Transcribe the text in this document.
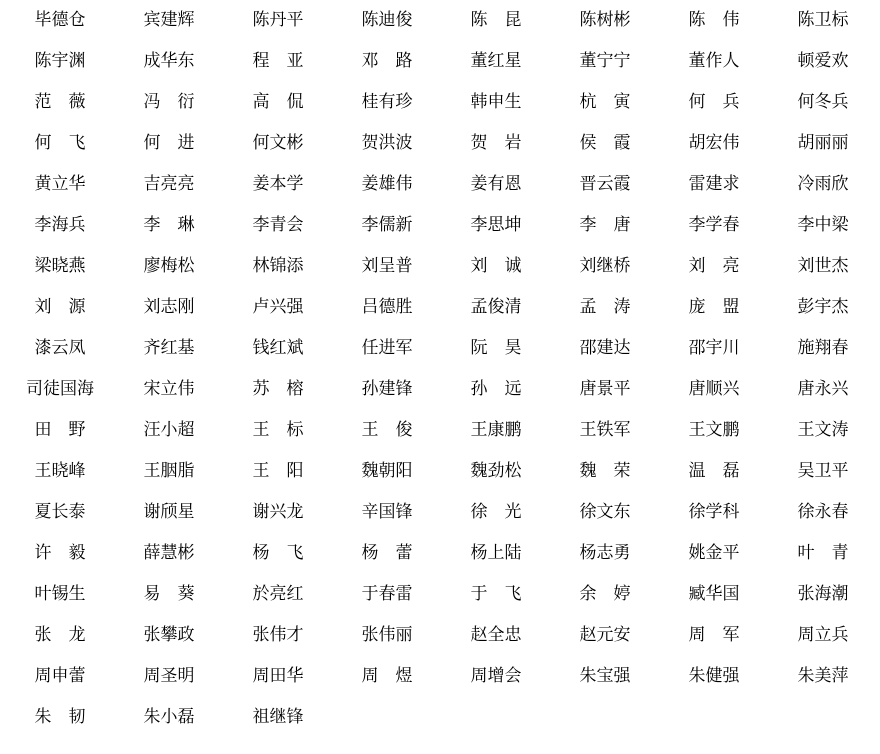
毕德仓	宾建辉	陈丹平	陈迪俊	陈　昆	陈树彬	陈　伟	陈卫标
陈宇渊	成华东	程　亚	邓　路	董红星	董宁宁	董作人	顿爱欢
范　薇	冯　衍	高　侃	桂有珍	韩申生	杭　寅	何　兵	何冬兵
何　飞	何　进	何文彬	贺洪波	贺　岩	侯　霞	胡宏伟	胡丽丽
黄立华	吉亮亮	姜本学	姜雄伟	姜有恩	晋云霞	雷建求	冷雨欣
李海兵	李　琳	李青会	李儒新	李思坤	李　唐	李学春	李中梁
梁晓燕	廖梅松	林锦添	刘呈普	刘　诚	刘继桥	刘　亮	刘世杰
刘　源	刘志刚	卢兴强	吕德胜	孟俊清	孟　涛	庞　盟	彭宇杰
漆云凤	齐红基	钱红斌	任进军	阮　昊	邵建达	邵宇川	施翔春
司徒国海	宋立伟	苏　榕	孙建锋	孙　远	唐景平	唐顺兴	唐永兴
田　野	汪小超	王　标	王　俊	王康鹏	王铁军	王文鹏	王文涛
王晓峰	王胭脂	王　阳	魏朝阳	魏劲松	魏　荣	温　磊	吴卫平
夏长泰	谢颀星	谢兴龙	辛国锋	徐　光	徐文东	徐学科	徐永春
许　毅	薛慧彬	杨　飞	杨　蕾	杨上陆	杨志勇	姚金平	叶　青
叶锡生	易　葵	於亮红	于春雷	于　飞	余　婷	臧华国	张海潮
张　龙	张攀政	张伟才	张伟丽	赵全忠	赵元安	周　军	周立兵
周申蕾	周圣明	周田华	周　煜	周增会	朱宝强	朱健强	朱美萍
朱　韧	朱小磊	祖继锋
